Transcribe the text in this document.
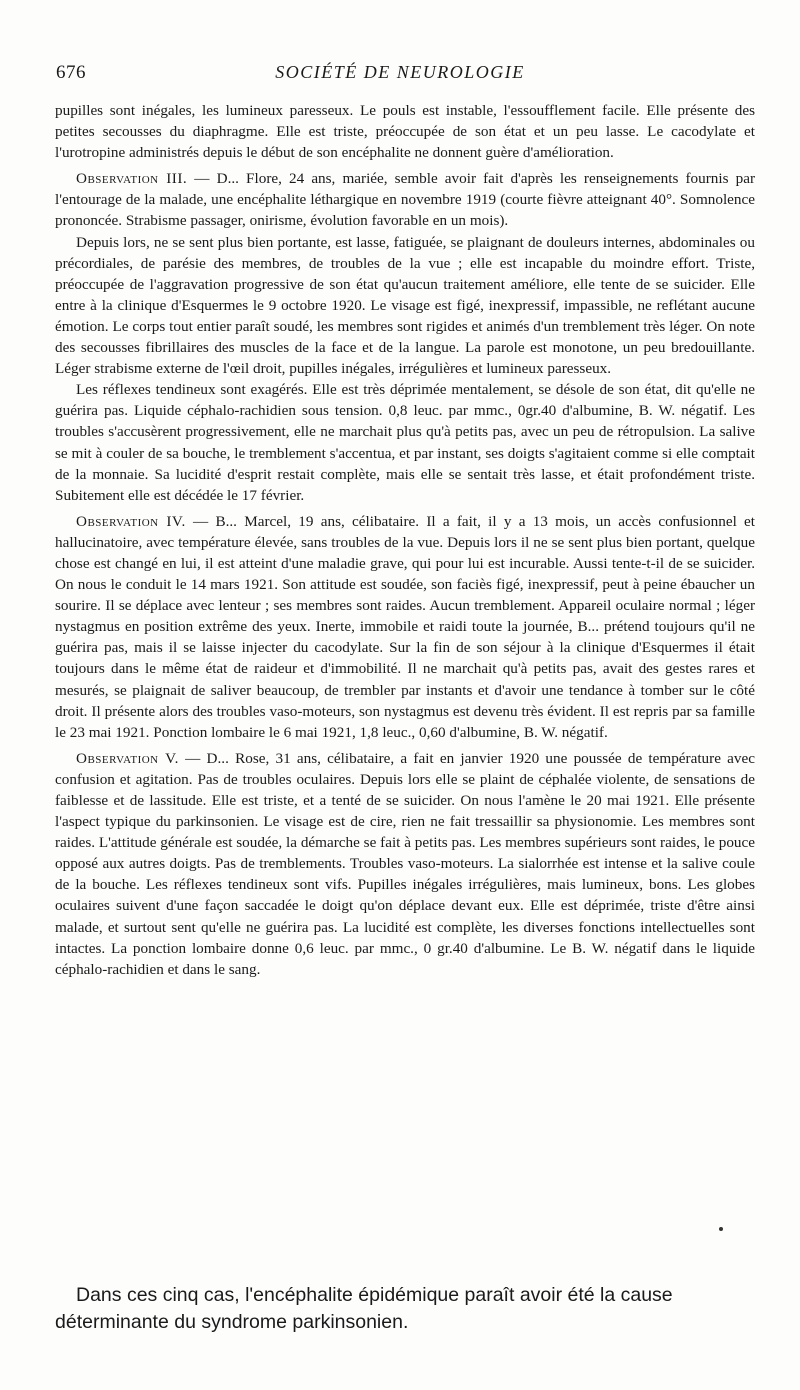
676	SOCIÉTÉ DE NEUROLOGIE

pupilles sont inégales, les lumineux paresseux. Le pouls est instable, l'essoufflement facile. Elle présente des petites secousses du diaphragme. Elle est triste, préoccupée de son état et un peu lasse. Le cacodylate et l'urotropine administrés depuis le début de son encéphalite ne donnent guère d'amélioration.

Observation III. — D... Flore, 24 ans, mariée, semble avoir fait d'après les renseignements fournis par l'entourage de la malade, une encéphalite léthargique en novembre 1919 (courte fièvre atteignant 40°. Somnolence prononcée. Strabisme passager, onirisme, évolution favorable en un mois).

Depuis lors, ne se sent plus bien portante, est lasse, fatiguée, se plaignant de douleurs internes, abdominales ou précordiales, de parésie des membres, de troubles de la vue ; elle est incapable du moindre effort. Triste, préoccupée de l'aggravation progressive de son état qu'aucun traitement améliore, elle tente de se suicider. Elle entre à la clinique d'Esquermes le 9 octobre 1920. Le visage est figé, inexpressif, impassible, ne reflétant aucune émotion. Le corps tout entier paraît soudé, les membres sont rigides et animés d'un tremblement très léger. On note des secousses fibrillaires des muscles de la face et de la langue. La parole est monotone, un peu bredouillante. Léger strabisme externe de l'œil droit, pupilles inégales, irrégulières et lumineux paresseux.

Les réflexes tendineux sont exagérés. Elle est très déprimée mentalement, se désole de son état, dit qu'elle ne guérira pas. Liquide céphalo-rachidien sous tension. 0,8 leuc. par mmc., 0gr.40 d'albumine, B. W. négatif. Les troubles s'accusèrent progressivement, elle ne marchait plus qu'à petits pas, avec un peu de rétropulsion. La salive se mit à couler de sa bouche, le tremblement s'accentua, et par instant, ses doigts s'agitaient comme si elle comptait de la monnaie. Sa lucidité d'esprit restait complète, mais elle se sentait très lasse, et était profondément triste. Subitement elle est décédée le 17 février.

Observation IV. — B... Marcel, 19 ans, célibataire. Il a fait, il y a 13 mois, un accès confusionnel et hallucinatoire, avec température élevée, sans troubles de la vue. Depuis lors il ne se sent plus bien portant, quelque chose est changé en lui, il est atteint d'une maladie grave, qui pour lui est incurable. Aussi tente-t-il de se suicider. On nous le conduit le 14 mars 1921. Son attitude est soudée, son faciès figé, inexpressif, peut à peine ébaucher un sourire. Il se déplace avec lenteur ; ses membres sont raides. Aucun tremblement. Appareil oculaire normal ; léger nystagmus en position extrême des yeux. Inerte, immobile et raidi toute la journée, B... prétend toujours qu'il ne guérira pas, mais il se laisse injecter du cacodylate. Sur la fin de son séjour à la clinique d'Esquermes il était toujours dans le même état de raideur et d'immobilité. Il ne marchait qu'à petits pas, avait des gestes rares et mesurés, se plaignait de saliver beaucoup, de trembler par instants et d'avoir une tendance à tomber sur le côté droit. Il présente alors des troubles vaso-moteurs, son nystagmus est devenu très évident. Il est repris par sa famille le 23 mai 1921. Ponction lombaire le 6 mai 1921, 1,8 leuc., 0,60 d'albumine, B. W. négatif.

Observation V. — D... Rose, 31 ans, célibataire, a fait en janvier 1920 une poussée de température avec confusion et agitation. Pas de troubles oculaires. Depuis lors elle se plaint de céphalée violente, de sensations de faiblesse et de lassitude. Elle est triste, et a tenté de se suicider. On nous l'amène le 20 mai 1921. Elle présente l'aspect typique du parkinsonien. Le visage est de cire, rien ne fait tressaillir sa physionomie. Les membres sont raides. L'attitude générale est soudée, la démarche se fait à petits pas. Les membres supérieurs sont raides, le pouce opposé aux autres doigts. Pas de tremblements. Troubles vaso-moteurs. La sialorrhée est intense et la salive coule de la bouche. Les réflexes tendineux sont vifs. Pupilles inégales irrégulières, mais lumineux, bons. Les globes oculaires suivent d'une façon saccadée le doigt qu'on déplace devant eux. Elle est déprimée, triste d'être ainsi malade, et surtout sent qu'elle ne guérira pas. La lucidité est complète, les diverses fonctions intellectuelles sont intactes. La ponction lombaire donne 0,6 leuc. par mmc., 0 gr.40 d'albumine. Le B. W. négatif dans le liquide céphalo-rachidien et dans le sang.

Dans ces cinq cas, l'encéphalite épidémique paraît avoir été la cause déterminante du syndrome parkinsonien.
